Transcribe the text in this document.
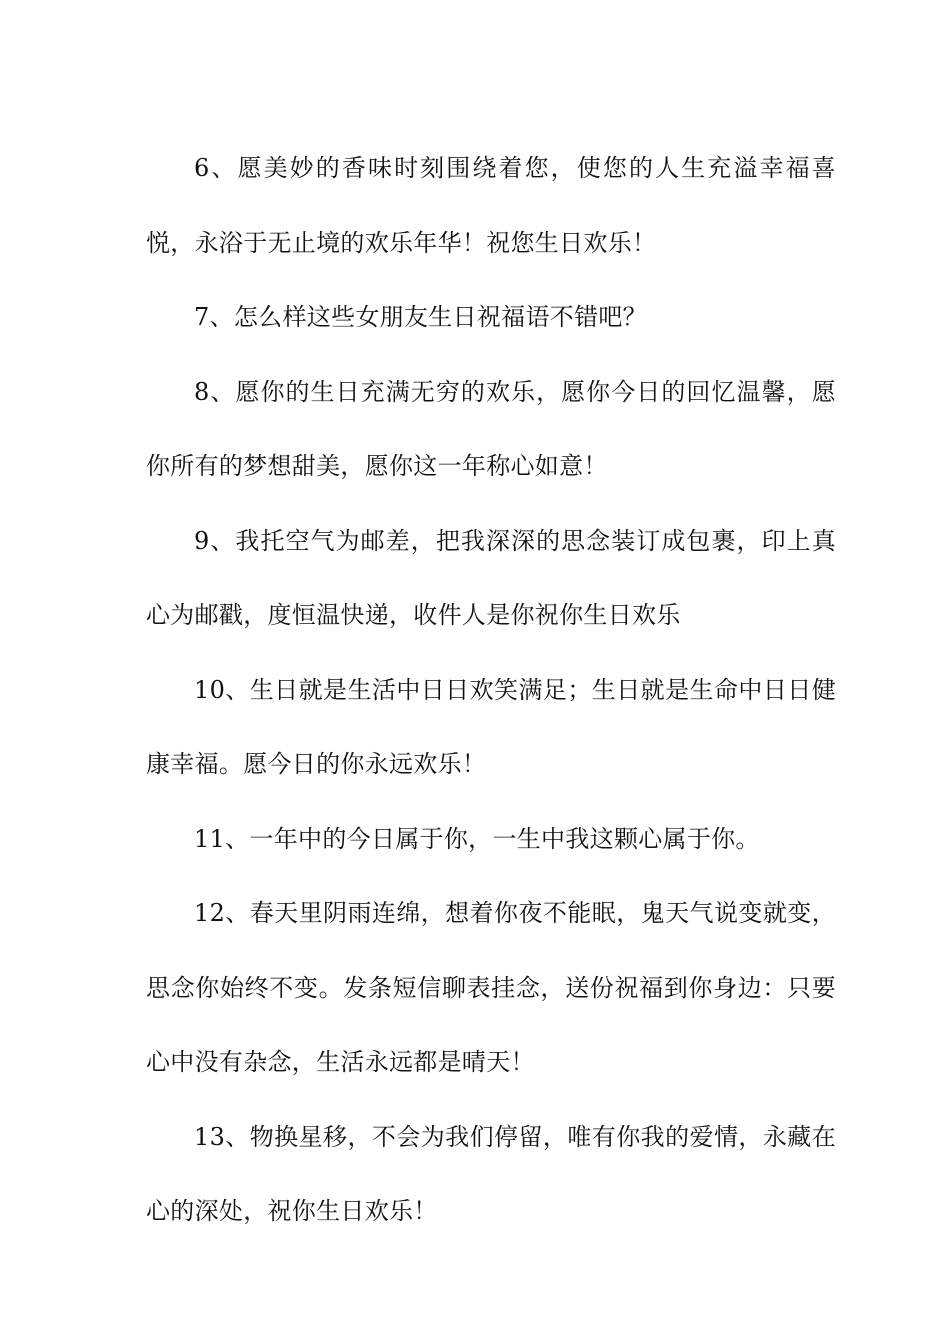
6、愿美妙的香味时刻围绕着您，使您的人生充溢幸福喜悦，永浴于无止境的欢乐年华！祝您生日欢乐！

7、怎么样这些女朋友生日祝福语不错吧？

8、愿你的生日充满无穷的欢乐，愿你今日的回忆温馨，愿你所有的梦想甜美，愿你这一年称心如意！

9、我托空气为邮差，把我深深的思念装订成包裹，印上真心为邮戳，度恒温快递，收件人是你祝你生日欢乐

10、生日就是生活中日日欢笑满足；生日就是生命中日日健康幸福。愿今日的你永远欢乐！

11、一年中的今日属于你，一生中我这颗心属于你。

12、春天里阴雨连绵，想着你夜不能眠，鬼天气说变就变，思念你始终不变。发条短信聊表挂念，送份祝福到你身边：只要心中没有杂念，生活永远都是晴天！

13、物换星移，不会为我们停留，唯有你我的爱情，永藏在心的深处，祝你生日欢乐！
